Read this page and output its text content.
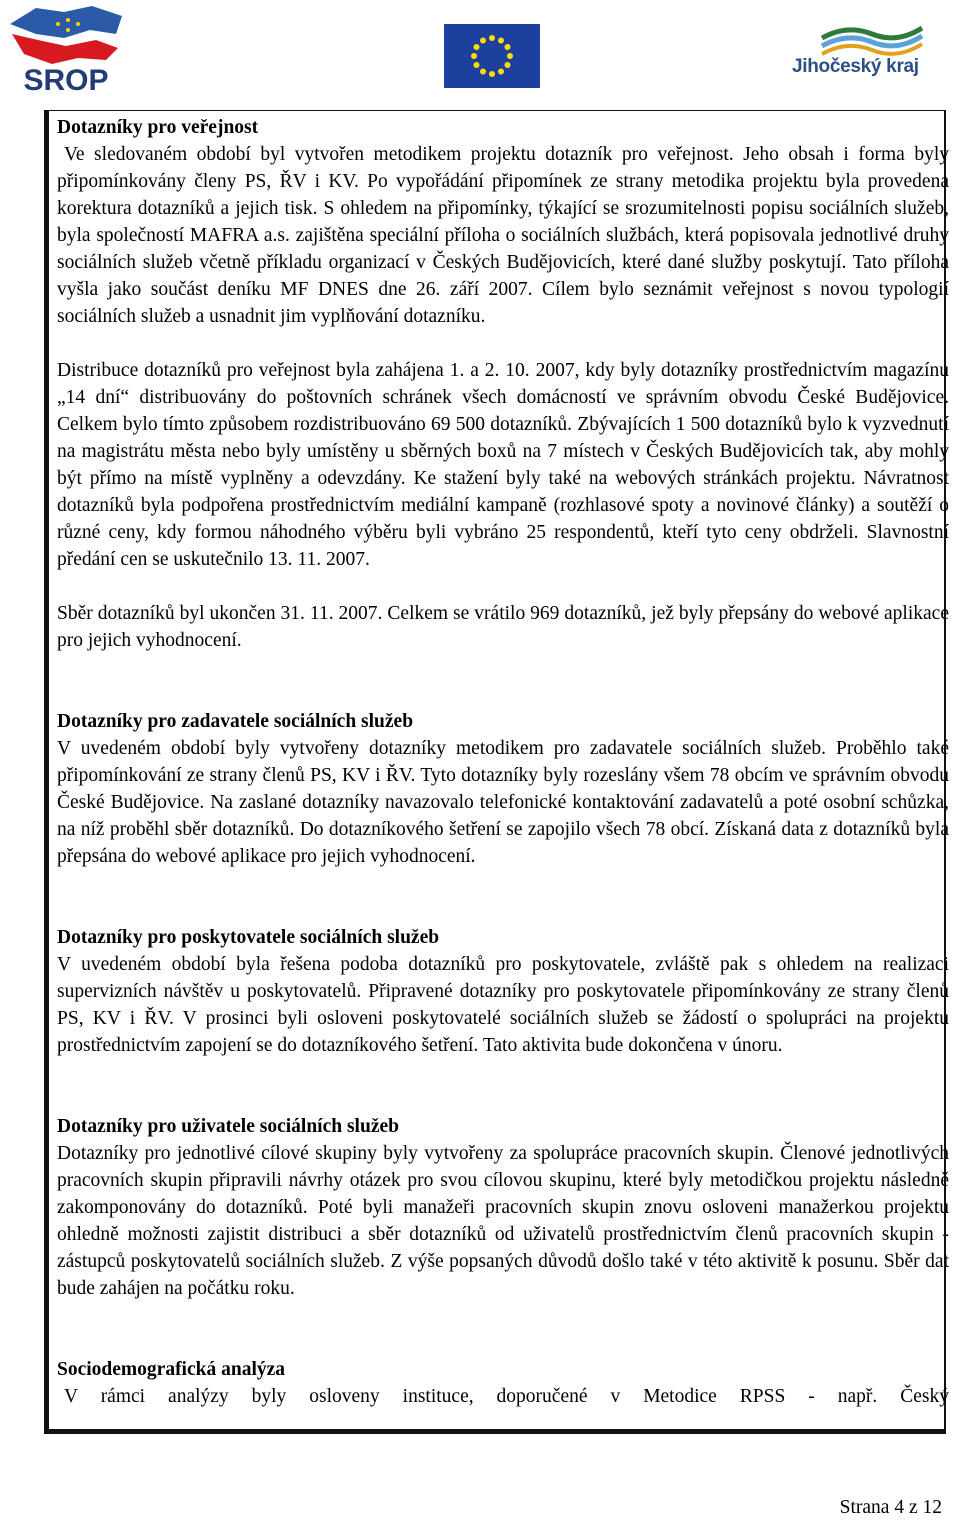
SROP	Jihočeský kraj

Dotazníky pro veřejnost

Ve sledovaném období byl vytvořen metodikem projektu dotazník pro veřejnost. Jeho obsah i forma byly připomínkovány členy PS, ŘV i KV. Po vypořádání připomínek ze strany metodika projektu byla provedena korektura dotazníků a jejich tisk. S ohledem na připomínky, týkající se srozumitelnosti popisu sociálních služeb, byla společností MAFRA a.s. zajištěna speciální příloha o sociálních službách, která popisovala jednotlivé druhy sociálních služeb včetně příkladu organizací v Českých Budějovicích, které dané služby poskytují. Tato příloha vyšla jako součást deníku MF DNES dne 26. září 2007. Cílem bylo seznámit veřejnost s novou typologií sociálních služeb a usnadnit jim vyplňování dotazníku.

Distribuce dotazníků pro veřejnost byla zahájena 1. a 2. 10. 2007, kdy byly dotazníky prostřednictvím magazínu „14 dní“ distribuovány do poštovních schránek všech domácností ve správním obvodu České Budějovice. Celkem bylo tímto způsobem rozdistribuováno 69 500 dotazníků. Zbývajících 1 500 dotazníků bylo k vyzvednutí na magistrátu města nebo byly umístěny u sběrných boxů na 7 místech v Českých Budějovicích tak, aby mohly být přímo na místě vyplněny a odevzdány. Ke stažení byly také na webových stránkách projektu. Návratnost dotazníků byla podpořena prostřednictvím mediální kampaně (rozhlasové spoty a novinové články) a soutěží o různé ceny, kdy formou náhodného výběru byli vybráno 25 respondentů, kteří tyto ceny obdrželi. Slavnostní předání cen se uskutečnilo 13. 11. 2007.

Sběr dotazníků byl ukončen 31. 11. 2007. Celkem se vrátilo 969 dotazníků, jež byly přepsány do webové aplikace pro jejich vyhodnocení.

Dotazníky pro zadavatele sociálních služeb

V uvedeném období byly vytvořeny dotazníky metodikem pro zadavatele sociálních služeb. Proběhlo také připomínkování ze strany členů PS, KV i ŘV. Tyto dotazníky byly rozeslány všem 78 obcím ve správním obvodu České Budějovice. Na zaslané dotazníky navazovalo telefonické kontaktování zadavatelů a poté osobní schůzka, na níž proběhl sběr dotazníků. Do dotazníkového šetření se zapojilo všech 78 obcí. Získaná data z dotazníků byla přepsána do webové aplikace pro jejich vyhodnocení.

Dotazníky pro poskytovatele sociálních služeb

V uvedeném období byla řešena podoba dotazníků pro poskytovatele, zvláště pak s ohledem na realizaci supervizních návštěv u poskytovatelů. Připravené dotazníky pro poskytovatele připomínkovány ze strany členů PS, KV i ŘV. V prosinci byli osloveni poskytovatelé sociálních služeb se žádostí o spolupráci na projektu prostřednictvím zapojení se do dotazníkového šetření. Tato aktivita bude dokončena v únoru.

Dotazníky pro uživatele sociálních služeb

Dotazníky pro jednotlivé cílové skupiny byly vytvořeny za spolupráce pracovních skupin. Členové jednotlivých pracovních skupin připravili návrhy otázek pro svou cílovou skupinu, které byly metodičkou projektu následně zakomponovány do dotazníků. Poté byli manažeři pracovních skupin znovu osloveni manažerkou projektu ohledně možnosti zajistit distribuci a sběr dotazníků od uživatelů prostřednictvím členů pracovních skupin - zástupců poskytovatelů sociálních služeb. Z výše popsaných důvodů došlo také v této aktivitě k posunu. Sběr dat bude zahájen na počátku roku.

Sociodemografická analýza

V rámci analýzy byly osloveny instituce, doporučené v Metodice RPSS - např. Český

Strana 4 z 12
